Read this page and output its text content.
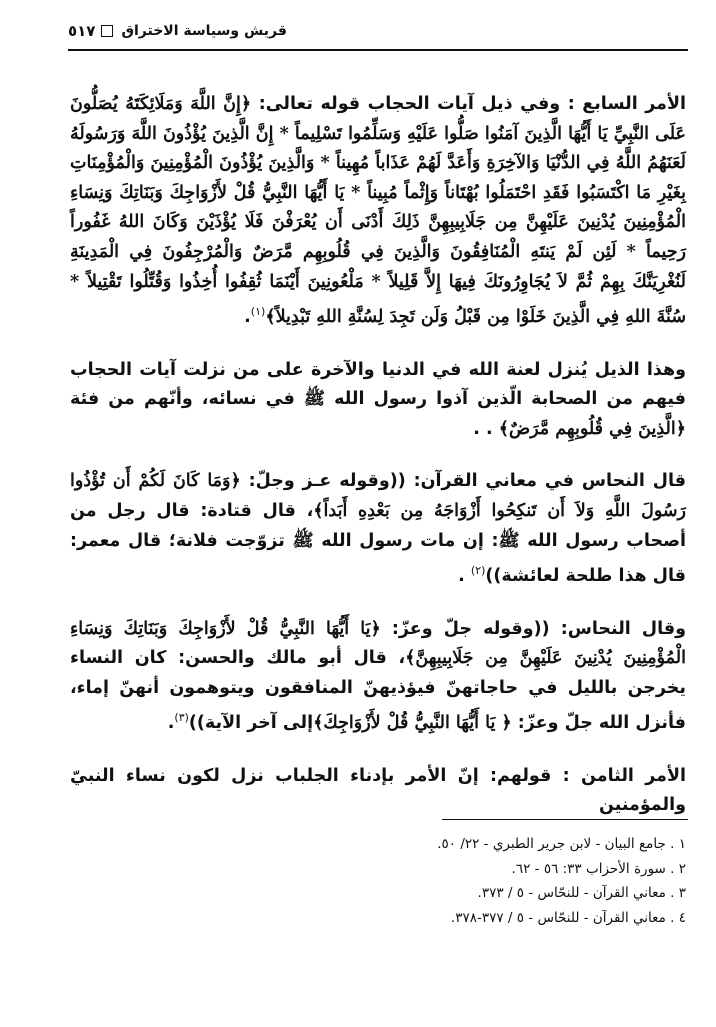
٥١٧ قريش وسياسة الاختراق

الأمر السابع : وفي ذيل آيات الحجاب قوله تعالى: ﴿إِنَّ اللَّهَ وَمَلَائِكَتَهُ يُصَلُّونَ عَلَى النَّبِيِّ يَا أَيُّهَا الَّذِينَ آمَنُوا صَلُّوا عَلَيْهِ وَسَلِّمُوا تَسْلِيماً * إِنَّ الَّذِينَ يُؤْذُونَ اللَّهَ وَرَسُولَهُ لَعَنَهُمُ اللَّهُ فِي الدُّنْيَا وَالآخِرَةِ وَأَعَدَّ لَهُمْ عَذَاباً مُهِيناً * وَالَّذِينَ يُؤْذُونَ الْمُؤْمِنِينَ وَالْمُؤْمِنَاتِ بِغَيْرِ مَا اكْتَسَبُوا فَقَدِ احْتَمَلُوا بُهْتَاناً وَإِثْماً مُبِيناً * يَا أَيُّهَا النَّبِيُّ قُلْ لأَزْوَاجِكَ وَبَنَاتِكَ وَنِسَاءِ الْمُؤْمِنِينَ يُدْنِينَ عَلَيْهِنَّ مِن جَلَابِيبِهِنَّ ذَلِكَ أَدْنَى أَن يُعْرَفْنَ فَلَا يُؤْذَيْنَ وَكَانَ اللهُ غَفُوراً رَحِيماً * لَئِن لَمْ يَنتَهِ الْمُنَافِقُونَ وَالَّذِينَ فِي قُلُوبِهِم مَّرَضٌ وَالْمُرْجِفُونَ فِي الْمَدِينَةِ لَنُغْرِيَنَّكَ بِهِمْ ثُمَّ لاَ يُجَاوِرُونَكَ فِيهَا إِلاَّ قَلِيلاً * مَلْعُونِينَ أَيْنَمَا ثُقِفُوا أُخِذُوا وَقُتِّلُوا تَقْتِيلاً * سُنَّةَ اللهِ فِي الَّذِينَ خَلَوْا مِن قَبْلُ وَلَن تَجِدَ لِسُنَّةِ اللهِ تَبْدِيلاً﴾$^{(١)}$.

وهذا الذيل يُنزل لعنة الله في الدنيا والآخرة على من نزلت آيات الحجاب فيهم من الصحابة الّذين آذوا رسول الله ﷺ في نسائه، وأنّهم من فئة ﴿الَّذِينَ فِي قُلُوبِهِم مَّرَضٌ﴾ . .

قال النحاس في معاني القرآن: ((وقوله عـز وجلّ: ﴿وَمَا كَانَ لَكُمْ أَن تُؤْذُوا رَسُولَ اللَّهِ وَلاَ أَن تَنكِحُوا أَزْوَاجَهُ مِن بَعْدِهِ أَبَداً﴾، قال قتادة: قال رجل من أصحاب رسول الله ﷺ: إن مات رسول الله ﷺ تزوّجت فلانة؛ قال معمر: قال هذا طلحة لعائشة))$^{(٢)}$ .

وقال النحاس: ((وقوله جلّ وعزّ: ﴿يَا أَيُّهَا النَّبِيُّ قُلْ لأَزْوَاجِكَ وَبَنَاتِكَ وَنِسَاءِ الْمُؤْمِنِينَ يُدْنِينَ عَلَيْهِنَّ مِن جَلَابِيبِهِنَّ﴾، قال أبو مالك والحسن: كان النساء يخرجن بالليل في حاجاتهنّ فيؤذيهنّ المنافقون ويتوهمون أنهنّ إماء، فأنزل الله جلّ وعزّ: ﴿ يَا أَيُّهَا النَّبِيُّ قُلْ لأَزْوَاجِكَ﴾إلى آخر الآية))$^{(٣)}$.

الأمر الثامن : قولهم: إنّ الأمر بإدناء الجلباب نزل لكون نساء النبيّ والمؤمنين

١ . جامع البيان - لابن جرير الطبري - ٢٢/ ٥٠.
٢ . سورة الأحزاب ٣٣: ٥٦ - ٦٢.
٣ . معاني القرآن - للنحّاس - ٥ / ٣٧٣.
٤ . معاني القرآن - للنحّاس - ٥ / ٣٧٧-٣٧٨.
